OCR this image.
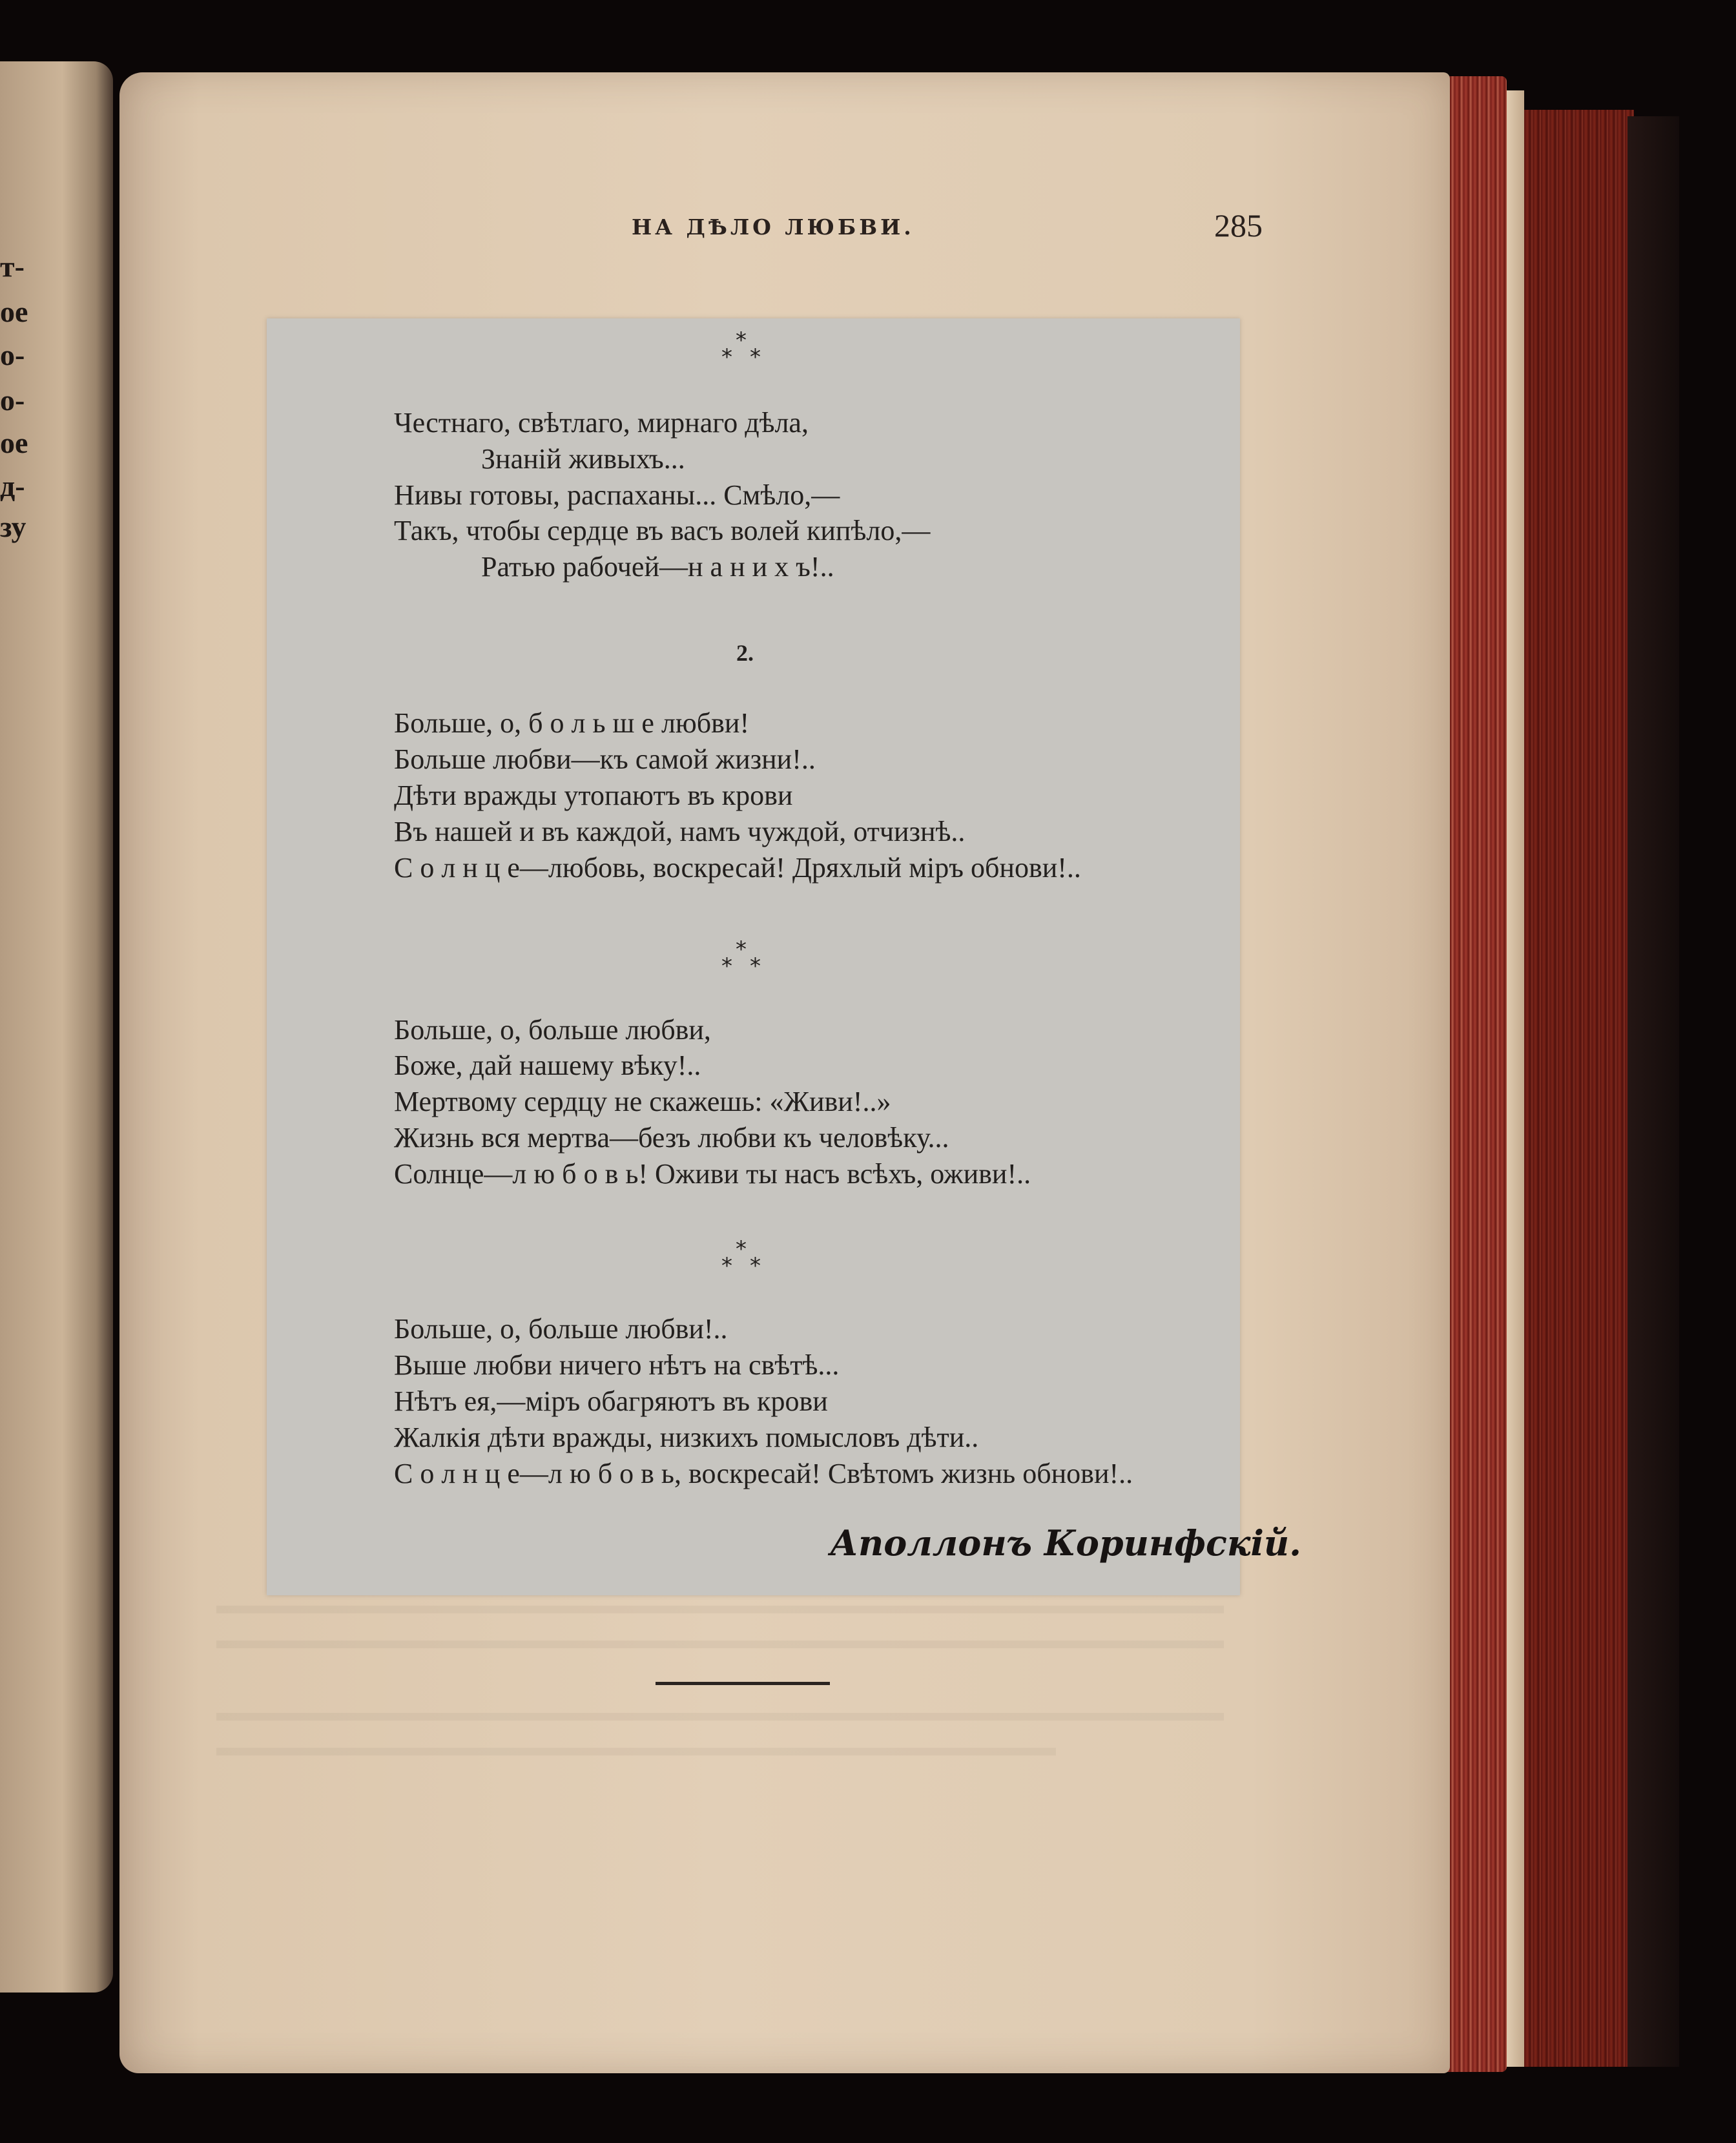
т-
ое
о-
о-
ое
д-
зу
НА ДѢЛО ЛЮБВИ.	285
*
* *
Честнаго, свѣтлаго, мирнаго дѣла,
Знаній живыхъ...
Нивы готовы, распаханы... Смѣло,—
Такъ, чтобы сердце въ васъ волей кипѣло,—
Ратью рабочей—н а н и х ъ!..
2.
Больше, о, б о л ь ш е любви!
Больше любви—къ самой жизни!..
Дѣти вражды утопаютъ въ крови
Въ нашей и въ каждой, намъ чуждой, отчизнѣ..
С о л н ц е—любовь, воскресай! Дряхлый міръ обнови!..
*
* *
Больше, о, больше любви,
Боже, дай нашему вѣку!..
Мертвому сердцу не скажешь: «Живи!..»
Жизнь вся мертва—безъ любви къ человѣку...
Солнце—л ю б о в ь! Оживи ты насъ всѣхъ, оживи!..
*
* *
Больше, о, больше любви!..
Выше любви ничего нѣтъ на свѣтѣ...
Нѣтъ ея,—міръ обагряютъ въ крови
Жалкія дѣти вражды, низкихъ помысловъ дѣти..
С о л н ц е—л ю б о в ь, воскресай! Свѣтомъ жизнь обнови!..
Аполлонъ Коринфскій.
